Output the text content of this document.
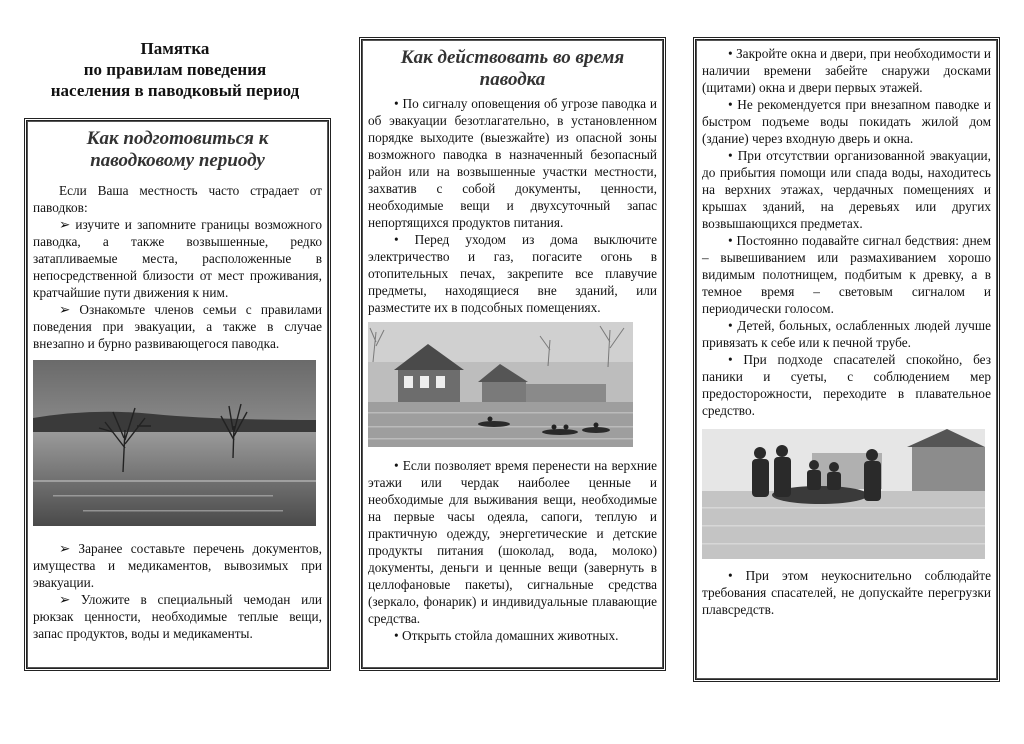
Памятка
по правилам поведения
населения в паводковый период
Как подготовиться к паводковому периоду

Если Ваша местность часто страдает от паводков:

➢ изучите и запомните границы возможного паводка, а также возвышенные, редко затапливаемые места, расположенные в непосредственной близости от мест проживания, кратчайшие пути движения к ним.

➢ Ознакомьте членов семьи с правилами поведения при эвакуации, а также в случае внезапно и бурно развивающегося паводка.

➢ Заранее составьте перечень документов, имущества и медикаментов, вывозимых при эвакуации.

➢ Уложите в специальный чемодан или рюкзак ценности, необходимые теплые вещи, запас продуктов, воды и медикаменты.

Как действовать во время паводка

• По сигналу оповещения об угрозе паводка и об эвакуации безотлагательно, в установленном порядке выходите (выезжайте) из опасной зоны возможного паводка в назначенный безопасный район или на возвышенные участки местности, захватив с собой документы, ценности, необходимые вещи и двухсуточный запас непортящихся продуктов питания.

• Перед уходом из дома выключите электричество и газ, погасите огонь в отопительных печах, закрепите все плавучие предметы, находящиеся вне зданий, или разместите их в подсобных помещениях.

• Если позволяет время перенести на верхние этажи или чердак наиболее ценные и необходимые для выживания вещи, необходимые на первые часы одеяла, сапоги, теплую и практичную одежду, энергетические и детские продукты питания (шоколад, вода, молоко) документы, деньги и ценные вещи (завернуть в целлофановые пакеты), сигнальные средства (зеркало, фонарик) и индивидуальные плавающие средства.

• Открыть стойла домашних животных.

• Закройте окна и двери, при необходимости и наличии времени забейте снаружи досками (щитами) окна и двери первых этажей.

• Не рекомендуется при внезапном паводке и быстром подъеме воды покидать жилой дом (здание) через входную дверь и окна.

• При отсутствии организованной эвакуации, до прибытия помощи или спада воды, находитесь на верхних этажах, чердачных помещениях и крышах зданий, на деревьях или других возвышающихся предметах.

• Постоянно подавайте сигнал бедствия: днем – вывешиванием или размахиванием хорошо видимым полотнищем, подбитым к древку, а в темное время – световым сигналом и периодически голосом.

• Детей, больных, ослабленных людей лучше привязать к себе или к печной трубе.

• При подходе спасателей спокойно, без паники и суеты, с соблюдением мер предосторожности, переходите в плавательное средство.

• При этом неукоснительно соблюдайте требования спасателей, не допускайте перегрузки плавсредств.
